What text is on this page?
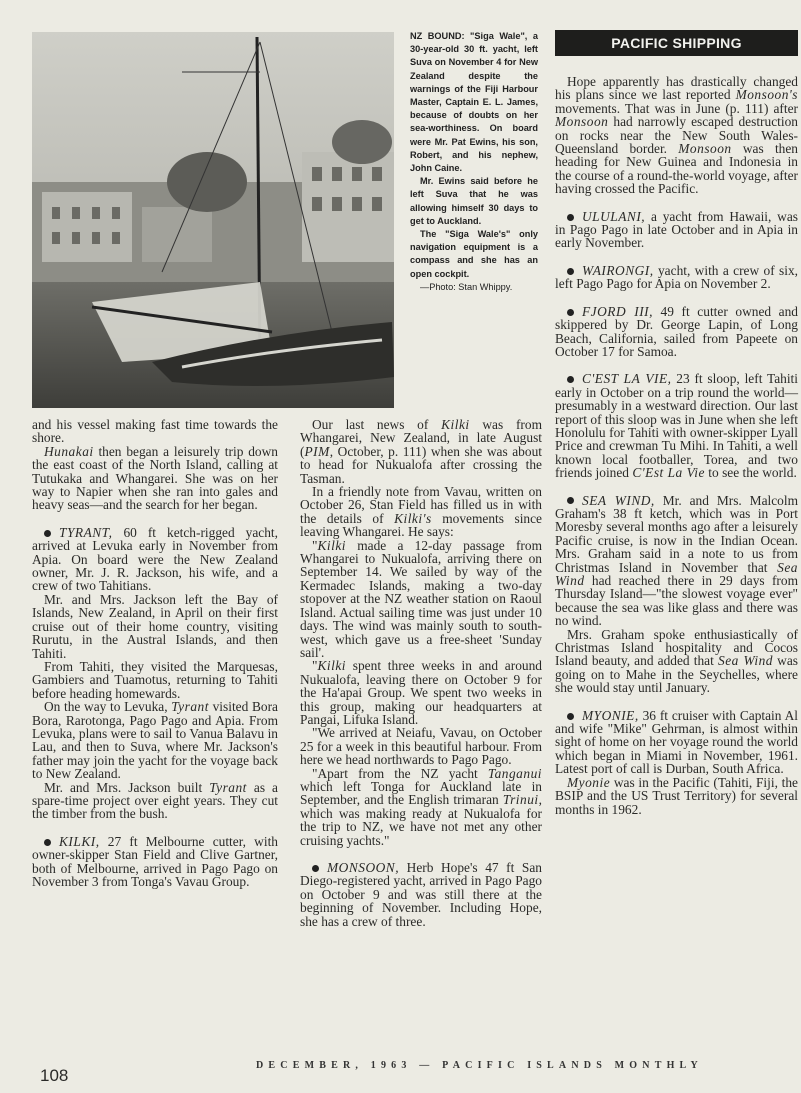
NZ BOUND: "Siga Wale", a 30-year-old 30 ft. yacht, left Suva on November 4 for New Zealand despite the warnings of the Fiji Harbour Master, Captain E. L. James, because of doubts on her sea-worthiness. On board were Mr. Pat Ewins, his son, Robert, and his nephew, John Caine.

Mr. Ewins said before he left Suva that he was allowing himself 30 days to get to Auckland.

The "Siga Wale's" only navigation equipment is a compass and she has an open cockpit.

—Photo: Stan Whippy.

PACIFIC SHIPPING

and his vessel making fast time towards the shore.

Hunakai then began a leisurely trip down the east coast of the North Island, calling at Tutukaka and Whangarei. She was on her way to Napier when she ran into gales and heavy seas—and the search for her began.

TYRANT, 60 ft ketch-rigged yacht, arrived at Levuka early in November from Apia. On board were the New Zealand owner, Mr. J. R. Jackson, his wife, and a crew of two Tahitians.

Mr. and Mrs. Jackson left the Bay of Islands, New Zealand, in April on their first cruise out of their home country, visiting Rurutu, in the Austral Islands, and then Tahiti.

From Tahiti, they visited the Marquesas, Gambiers and Tuamotus, returning to Tahiti before heading homewards.

On the way to Levuka, Tyrant visited Bora Bora, Rarotonga, Pago Pago and Apia. From Levuka, plans were to sail to Vanua Balavu in Lau, and then to Suva, where Mr. Jackson's father may join the yacht for the voyage back to New Zealand.

Mr. and Mrs. Jackson built Tyrant as a spare-time project over eight years. They cut the timber from the bush.

KILKI, 27 ft Melbourne cutter, with owner-skipper Stan Field and Clive Gartner, both of Melbourne, arrived in Pago Pago on November 3 from Tonga's Vavau Group.

Our last news of Kilki was from Whangarei, New Zealand, in late August (PIM, October, p. 111) when she was about to head for Nukualofa after crossing the Tasman.

In a friendly note from Vavau, written on October 26, Stan Field has filled us in with the details of Kilki's movements since leaving Whangarei. He says:

"Kilki made a 12-day passage from Whangarei to Nukualofa, arriving there on September 14. We sailed by way of the Kermadec Islands, making a two-day stopover at the NZ weather station on Raoul Island. Actual sailing time was just under 10 days. The wind was mainly south to south-west, which gave us a free-sheet 'Sunday sail'.

"Kilki spent three weeks in and around Nukualofa, leaving there on October 9 for the Ha'apai Group. We spent two weeks in this group, making our headquarters at Pangai, Lifuka Island.

"We arrived at Neiafu, Vavau, on October 25 for a week in this beautiful harbour. From here we head northwards to Pago Pago.

"Apart from the NZ yacht Tanganui which left Tonga for Auckland late in September, and the English trimaran Trinui, which was making ready at Nukualofa for the trip to NZ, we have not met any other cruising yachts."

MONSOON, Herb Hope's 47 ft San Diego-registered yacht, arrived in Pago Pago on October 9 and was still there at the beginning of November. Including Hope, she has a crew of three.

Hope apparently has drastically changed his plans since we last reported Monsoon's movements. That was in June (p. 111) after Monsoon had narrowly escaped destruction on rocks near the New South Wales-Queensland border. Monsoon was then heading for New Guinea and Indonesia in the course of a round-the-world voyage, after having crossed the Pacific.

ULULANI, a yacht from Hawaii, was in Pago Pago in late October and in Apia in early November.

WAIRONGI, yacht, with a crew of six, left Pago Pago for Apia on November 2.

FJORD III, 49 ft cutter owned and skippered by Dr. George Lapin, of Long Beach, California, sailed from Papeete on October 17 for Samoa.

C'EST LA VIE, 23 ft sloop, left Tahiti early in October on a trip round the world—presumably in a westward direction. Our last report of this sloop was in June when she left Honolulu for Tahiti with owner-skipper Lyall Price and crewman Tu Mihi. In Tahiti, a well known local footballer, Torea, and two friends joined C'Est La Vie to see the world.

SEA WIND, Mr. and Mrs. Malcolm Graham's 38 ft ketch, which was in Port Moresby several months ago after a leisurely Pacific cruise, is now in the Indian Ocean. Mrs. Graham said in a note to us from Christmas Island in November that Sea Wind had reached there in 29 days from Thursday Island—"the slowest voyage ever" because the sea was like glass and there was no wind.

Mrs. Graham spoke enthusiastically of Christmas Island hospitality and Cocos Island beauty, and added that Sea Wind was going on to Mahe in the Seychelles, where she would stay until January.

MYONIE, 36 ft cruiser with Captain Al and wife "Mike" Gehrman, is almost within sight of home on her voyage round the world which began in Miami in November, 1961. Latest port of call is Durban, South Africa.

Myonie was in the Pacific (Tahiti, Fiji, the BSIP and the US Trust Territory) for several months in 1962.

108
DECEMBER, 1963 — PACIFIC ISLANDS MONTHLY
